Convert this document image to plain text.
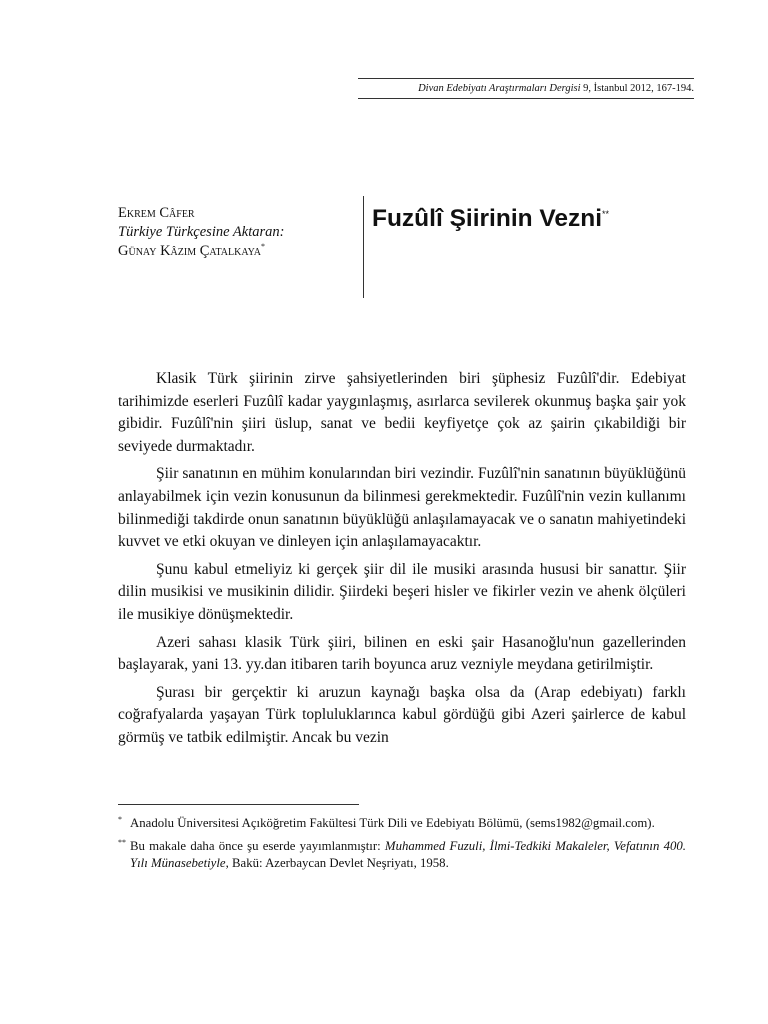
Divan Edebiyatı Araştırmaları Dergisi 9, İstanbul 2012, 167-194.
Ekrem Câfer
Türkiye Türkçesine Aktaran:
Günay Kâzım Çatalkaya*
Fuzûlî Şiirinin Vezni**

Klasik Türk şiirinin zirve şahsiyetlerinden biri şüphesiz Fuzûlî'dir. Edebiyat tarihimizde eserleri Fuzûlî kadar yaygınlaşmış, asırlarca sevilerek okunmuş başka şair yok gibidir. Fuzûlî'nin şiiri üslup, sanat ve bedii keyfiyetçe çok az şairin çıkabildiği bir seviyede durmaktadır.

Şiir sanatının en mühim konularından biri vezindir. Fuzûlî'nin sanatının büyüklüğünü anlayabilmek için vezin konusunun da bilinmesi gerekmektedir. Fuzûlî'nin vezin kullanımı bilinmediği takdirde onun sanatının büyüklüğü anlaşılamayacak ve o sanatın mahiyetindeki kuvvet ve etki okuyan ve dinleyen için anlaşılamayacaktır.

Şunu kabul etmeliyiz ki gerçek şiir dil ile musiki arasında hususi bir sanattır. Şiir dilin musikisi ve musikinin dilidir. Şiirdeki beşeri hisler ve fikirler vezin ve ahenk ölçüleri ile musikiye dönüşmektedir.

Azeri sahası klasik Türk şiiri, bilinen en eski şair Hasanoğlu'nun gazellerinden başlayarak, yani 13. yy.dan itibaren tarih boyunca aruz vezniyle meydana getirilmiştir.

Şurası bir gerçektir ki aruzun kaynağı başka olsa da (Arap edebiyatı) farklı coğrafyalarda yaşayan Türk topluluklarınca kabul gördüğü gibi Azeri şairlerce de kabul görmüş ve tatbik edilmiştir. Ancak bu vezin

* Anadolu Üniversitesi Açıköğretim Fakültesi Türk Dili ve Edebiyatı Bölümü, (sems1982@gmail.com).
** Bu makale daha önce şu eserde yayımlanmıştır: Muhammed Fuzuli, İlmi-Tedkiki Makaleler, Vefatının 400. Yılı Münasebetiyle, Bakü: Azerbaycan Devlet Neşriyatı, 1958.
